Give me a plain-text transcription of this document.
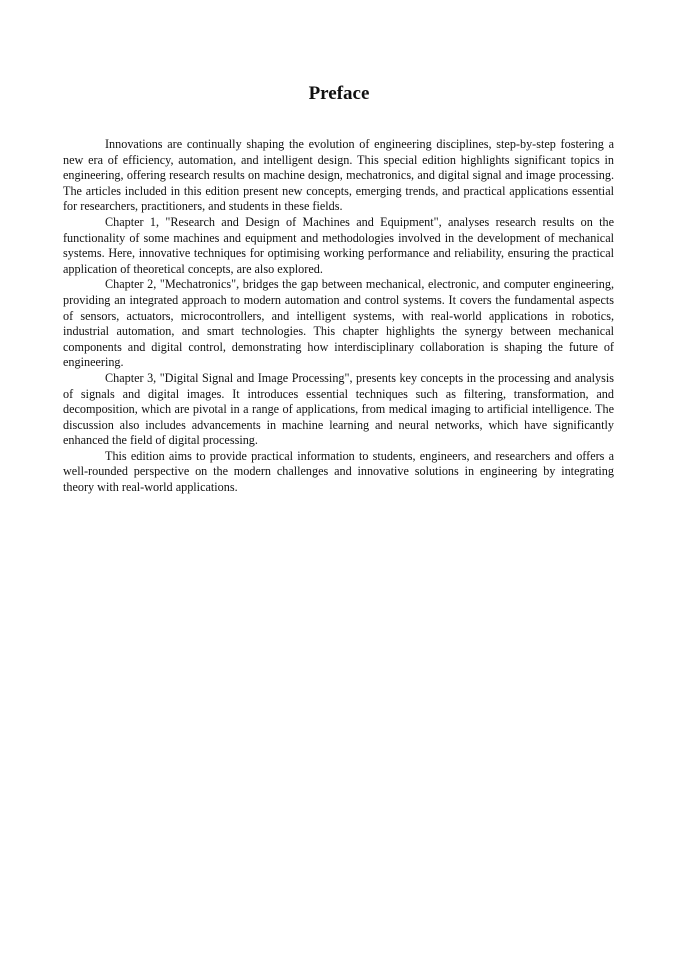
Preface

Innovations are continually shaping the evolution of engineering disciplines, step-by-step fostering a new era of efficiency, automation, and intelligent design. This special edition highlights significant topics in engineering, offering research results on machine design, mechatronics, and digital signal and image processing. The articles included in this edition present new concepts, emerging trends, and practical applications essential for researchers, practitioners, and students in these fields.

Chapter 1, "Research and Design of Machines and Equipment", analyses research results on the functionality of some machines and equipment and methodologies involved in the development of mechanical systems. Here, innovative techniques for optimising working performance and reliability, ensuring the practical application of theoretical concepts, are also explored.

Chapter 2, "Mechatronics", bridges the gap between mechanical, electronic, and computer engineering, providing an integrated approach to modern automation and control systems. It covers the fundamental aspects of sensors, actuators, microcontrollers, and intelligent systems, with real-world applications in robotics, industrial automation, and smart technologies. This chapter highlights the synergy between mechanical components and digital control, demonstrating how interdisciplinary collaboration is shaping the future of engineering.

Chapter 3, "Digital Signal and Image Processing", presents key concepts in the processing and analysis of signals and digital images. It introduces essential techniques such as filtering, transformation, and decomposition, which are pivotal in a range of applications, from medical imaging to artificial intelligence. The discussion also includes advancements in machine learning and neural networks, which have significantly enhanced the field of digital processing.

This edition aims to provide practical information to students, engineers, and researchers and offers a well-rounded perspective on the modern challenges and innovative solutions in engineering by integrating theory with real-world applications.
